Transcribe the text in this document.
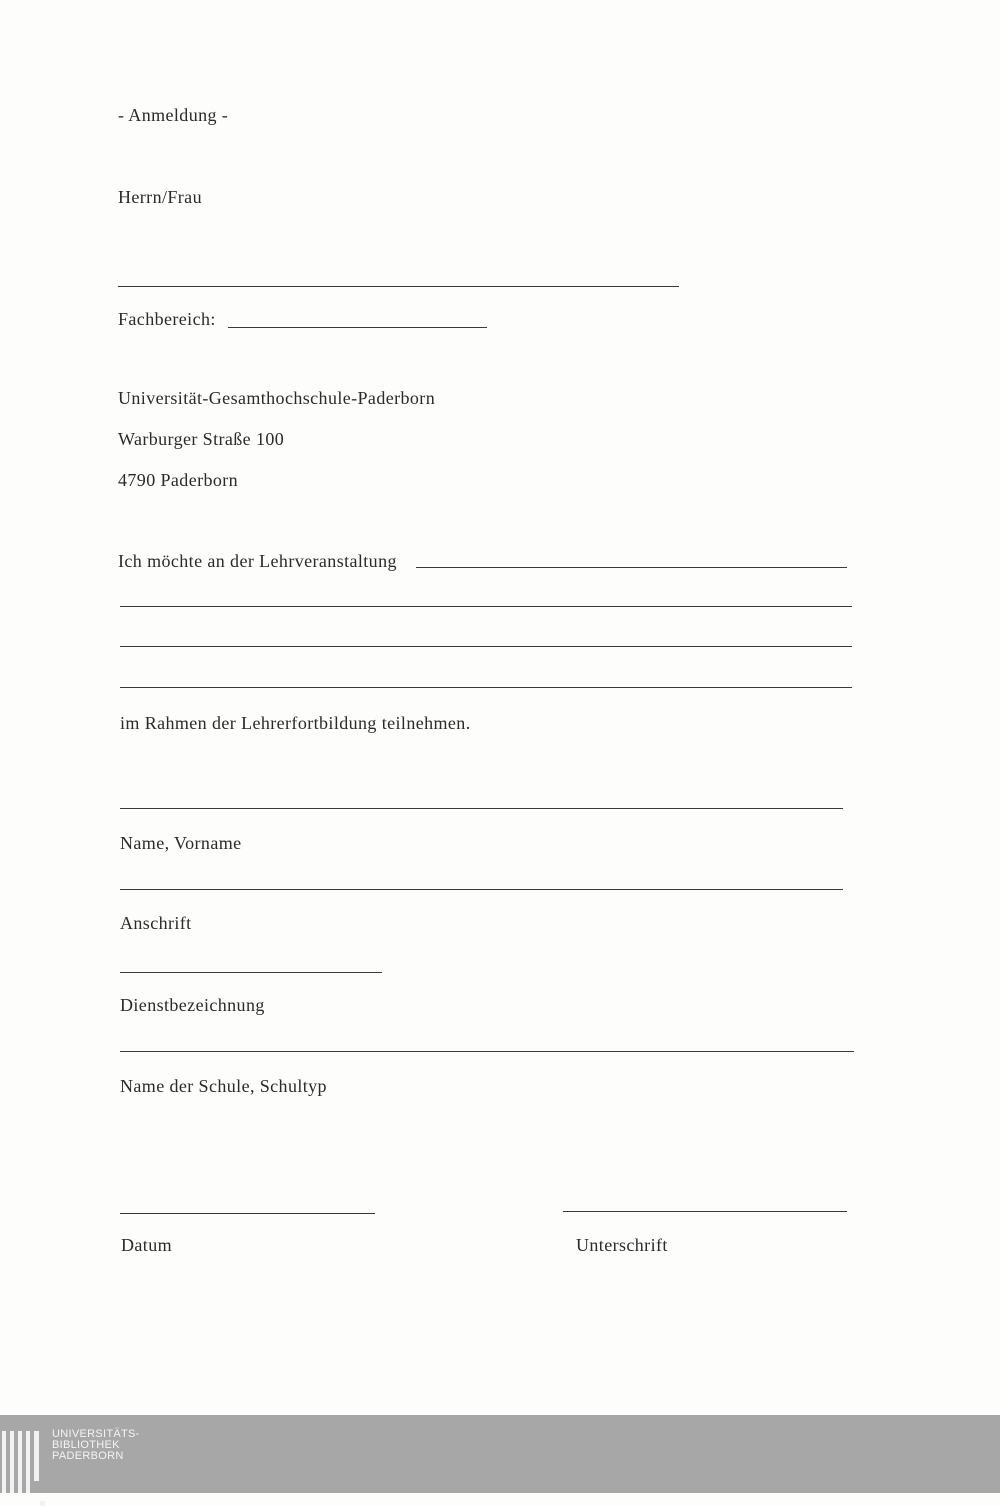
- Anmeldung -
Herrn/Frau
Fachbereich:
Universität-Gesamthochschule-Paderborn
Warburger Straße 100
4790 Paderborn
Ich möchte an der Lehrveranstaltung
im Rahmen der Lehrerfortbildung teilnehmen.
Name, Vorname
Anschrift
Dienstbezeichnung
Name der Schule, Schultyp
Datum	Unterschrift
UNIVERSITÄTS-
BIBLIOTHEK
PADERBORN
